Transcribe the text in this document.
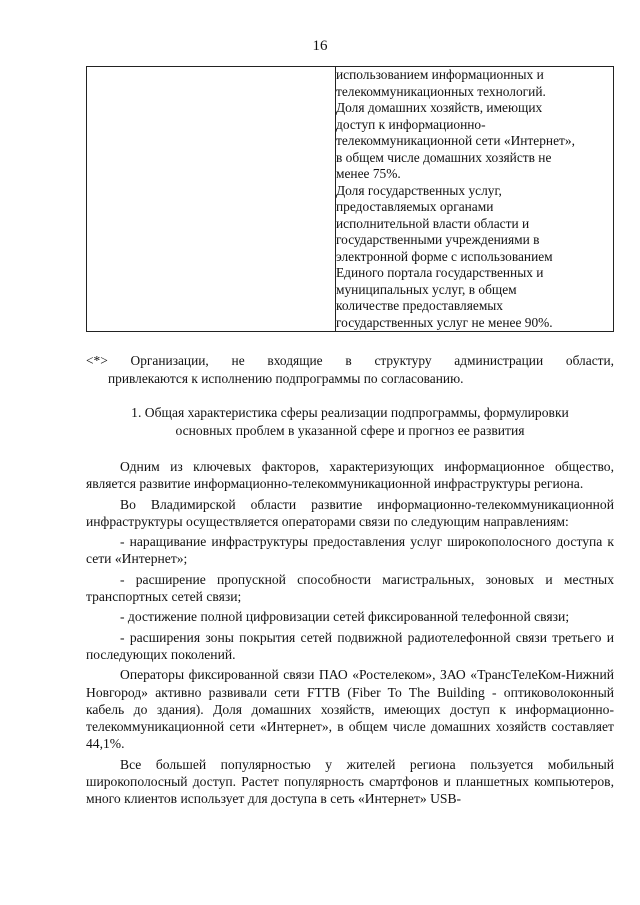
16

использованием информационных и
телекоммуникационных технологий.
Доля домашних хозяйств, имеющих
доступ к информационно-
телекоммуникационной сети «Интернет»,
в общем числе домашних хозяйств не
менее 75%.
Доля государственных услуг,
предоставляемых органами
исполнительной власти области и
государственными учреждениями в
электронной форме с использованием
Единого портала государственных и
муниципальных услуг, в общем
количестве предоставляемых
государственных услуг не менее 90%.
<*> Организации, не входящие в структуру администрации области,
привлекаются к исполнению подпрограммы по согласованию.
1. Общая характеристика сферы реализации подпрограммы, формулировки
основных проблем в указанной сфере и прогноз ее развития

Одним из ключевых факторов, характеризующих информационное общество, является развитие информационно-телекоммуникационной инфраструктуры региона.

Во Владимирской области развитие информационно-телекоммуникационной инфраструктуры осуществляется операторами связи по следующим направлениям:

- наращивание инфраструктуры предоставления услуг широкополосного доступа к сети «Интернет»;

- расширение пропускной способности магистральных, зоновых и местных транспортных сетей связи;

- достижение полной цифровизации сетей фиксированной телефонной связи;

- расширения зоны покрытия сетей подвижной радиотелефонной связи третьего и последующих поколений.

Операторы фиксированной связи ПАО «Ростелеком», ЗАО «ТрансТелеКом-Нижний Новгород» активно развивали сети FTTB (Fiber To The Building - оптиковолоконный кабель до здания). Доля домашних хозяйств, имеющих доступ к информационно-телекоммуникационной сети «Интернет», в общем числе домашних хозяйств составляет 44,1%.

Все большей популярностью у жителей региона пользуется мобильный широкополосный доступ. Растет популярность смартфонов и планшетных компьютеров, много клиентов использует для доступа в сеть «Интернет» USB-
